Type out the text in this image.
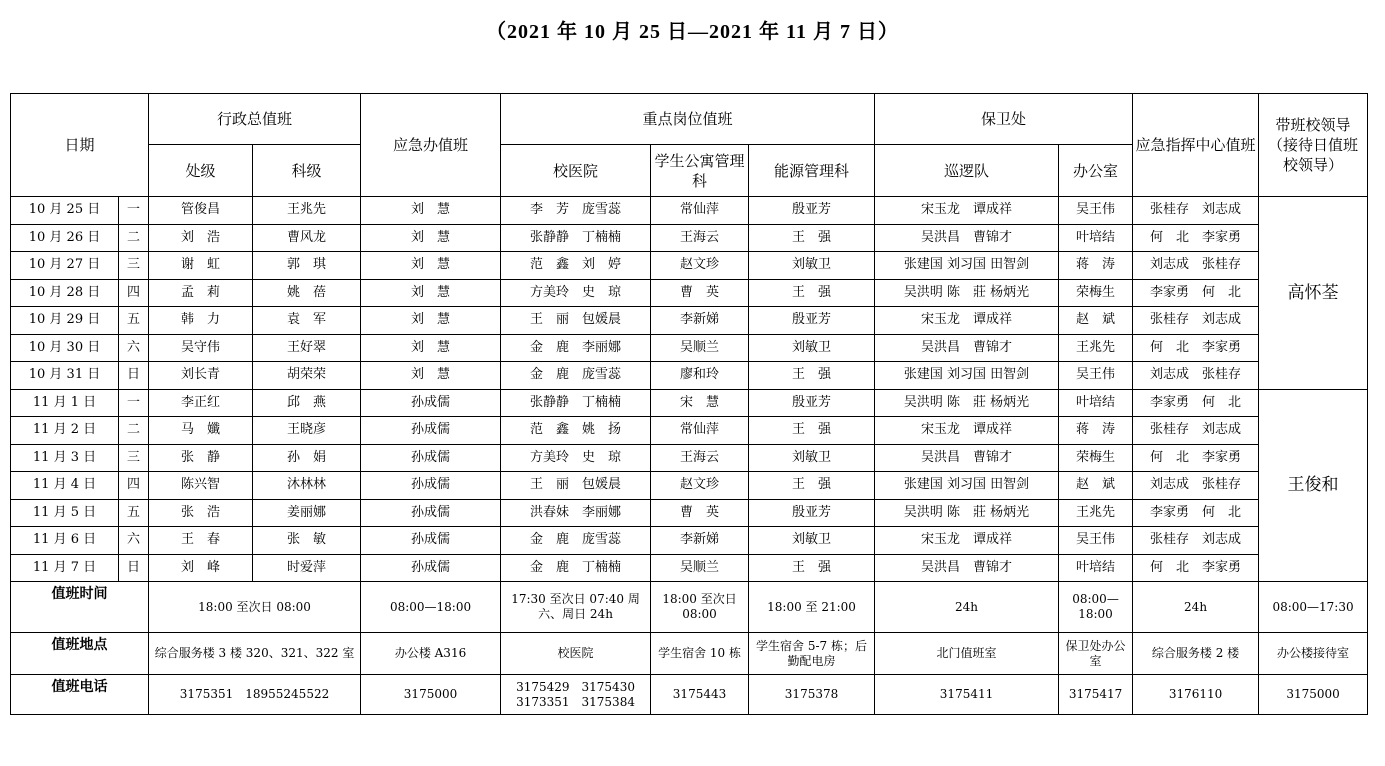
（2021 年 10 月 25 日—2021 年 11 月 7 日）
日期		行政总值班		应急办值班	重点岗位值班			保卫处		应急指挥中心值班	带班校领导（接待日值班校领导）
		处级	科级		校医院	学生公寓管理科	能源管理科	巡逻队	办公室		
10 月 25 日	一	管俊昌	王兆先	刘　慧	李　芳　庞雪蕊	常仙萍	殷亚芳	宋玉龙　谭成祥	吴王伟	张桂存　刘志成	高怀荃
10 月 26 日	二	刘　浩	曹风龙	刘　慧	张静静　丁楠楠	王海云	王　强	吴洪昌　曹锦才	叶培结	何　北　李家勇	
10 月 27 日	三	谢　虹	郭　琪	刘　慧	范　鑫　刘　婷	赵文珍	刘敏卫	张建国 刘习国 田智剑	蒋　涛	刘志成　张桂存	
10 月 28 日	四	孟　莉	姚　蓓	刘　慧	方美玲　史　琼	曹　英	王　强	吴洪明 陈　莊 杨炳光	荣梅生	李家勇　何　北	
10 月 29 日	五	韩　力	袁　军	刘　慧	王　丽　包媛晨	李新娣	殷亚芳	宋玉龙　谭成祥	赵　斌	张桂存　刘志成	
10 月 30 日	六	吴守伟	王好翠	刘　慧	金　鹿　李丽娜	吴顺兰	刘敏卫	吴洪昌　曹锦才	王兆先	何　北　李家勇	
10 月 31 日	日	刘长青	胡荣荣	刘　慧	金　鹿　庞雪蕊	廖和玲	王　强	张建国 刘习国 田智剑	吴王伟	刘志成　张桂存	
11 月 1 日	一	李正红	邱　燕	孙成儒	张静静　丁楠楠	宋　慧	殷亚芳	吴洪明 陈　莊 杨炳光	叶培结	李家勇　何　北	王俊和
11 月 2 日	二	马　孅	王晓彦	孙成儒	范　鑫　姚　扬	常仙萍	王　强	宋玉龙　谭成祥	蒋　涛	张桂存　刘志成	
11 月 3 日	三	张　静	孙　娟	孙成儒	方美玲　史　琼	王海云	刘敏卫	吴洪昌　曹锦才	荣梅生	何　北　李家勇	
11 月 4 日	四	陈兴智	沐林林	孙成儒	王　丽　包媛晨	赵文珍	王　强	张建国 刘习国 田智剑	赵　斌	刘志成　张桂存	
11 月 5 日	五	张　浩	姜丽娜	孙成儒	洪春妹　李丽娜	曹　英	殷亚芳	吴洪明 陈　莊 杨炳光	王兆先	李家勇　何　北	
11 月 6 日	六	王　春	张　敏	孙成儒	金　鹿　庞雪蕊	李新娣	刘敏卫	宋玉龙　谭成祥	吴王伟	张桂存　刘志成	
11 月 7 日	日	刘　峰	时爱萍	孙成儒	金　鹿　丁楠楠	吴顺兰	王　强	吴洪昌　曹锦才	叶培结	何　北　李家勇	
值班时间		18:00 至次日 08:00		08:00—18:00	17:30 至次日 07:40 周六、周日 24h	18:00 至次日 08:00	18:00 至 21:00	24h	08:00—18:00	24h	08:00—17:30
值班地点		综合服务楼 3 楼 320、321、322 室		办公楼 A316	校医院	学生宿舍 10 栋	学生宿舍 5-7 栋；后勤配电房	北门值班室	保卫处办公室	综合服务楼 2 楼	办公楼接待室
值班电话		3175351　18955245522		3175000	3175429　3175430 3173351　3175384	3175443	3175378	3175411	3175417	3176110	3175000
